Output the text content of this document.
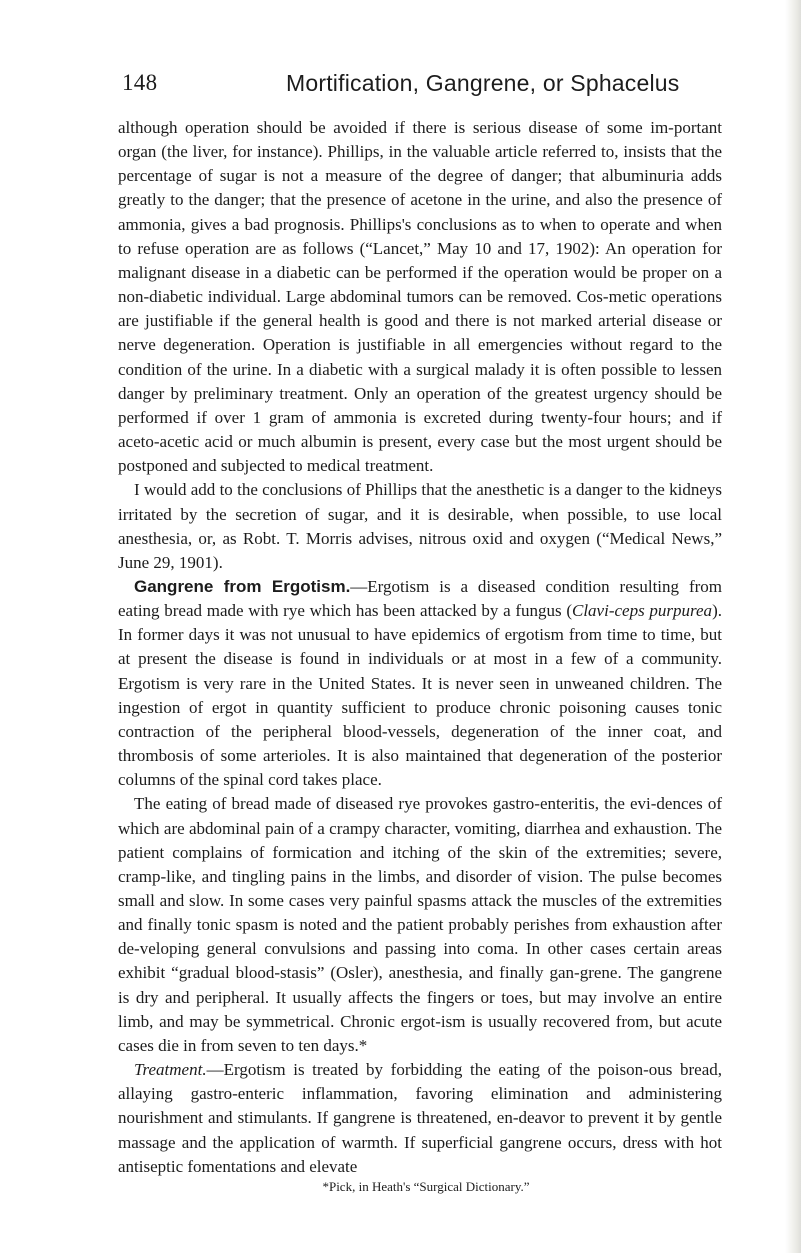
148	Mortification, Gangrene, or Sphacelus

although operation should be avoided if there is serious disease of some im-portant organ (the liver, for instance). Phillips, in the valuable article referred to, insists that the percentage of sugar is not a measure of the degree of danger; that albuminuria adds greatly to the danger; that the presence of acetone in the urine, and also the presence of ammonia, gives a bad prognosis. Phillips's conclusions as to when to operate and when to refuse operation are as follows (“Lancet,” May 10 and 17, 1902): An operation for malignant disease in a diabetic can be performed if the operation would be proper on a non-diabetic individual. Large abdominal tumors can be removed. Cos-metic operations are justifiable if the general health is good and there is not marked arterial disease or nerve degeneration. Operation is justifiable in all emergencies without regard to the condition of the urine. In a diabetic with a surgical malady it is often possible to lessen danger by preliminary treatment. Only an operation of the greatest urgency should be performed if over 1 gram of ammonia is excreted during twenty-four hours; and if aceto-acetic acid or much albumin is present, every case but the most urgent should be postponed and subjected to medical treatment.

I would add to the conclusions of Phillips that the anesthetic is a danger to the kidneys irritated by the secretion of sugar, and it is desirable, when possible, to use local anesthesia, or, as Robt. T. Morris advises, nitrous oxid and oxygen (“Medical News,” June 29, 1901).

Gangrene from Ergotism.—Ergotism is a diseased condition resulting from eating bread made with rye which has been attacked by a fungus (Clavi-ceps purpurea). In former days it was not unusual to have epidemics of ergotism from time to time, but at present the disease is found in individuals or at most in a few of a community. Ergotism is very rare in the United States. It is never seen in unweaned children. The ingestion of ergot in quantity sufficient to produce chronic poisoning causes tonic contraction of the peripheral blood-vessels, degeneration of the inner coat, and thrombosis of some arterioles. It is also maintained that degeneration of the posterior columns of the spinal cord takes place.

The eating of bread made of diseased rye provokes gastro-enteritis, the evi-dences of which are abdominal pain of a crampy character, vomiting, diarrhea and exhaustion. The patient complains of formication and itching of the skin of the extremities; severe, cramp-like, and tingling pains in the limbs, and disorder of vision. The pulse becomes small and slow. In some cases very painful spasms attack the muscles of the extremities and finally tonic spasm is noted and the patient probably perishes from exhaustion after de-veloping general convulsions and passing into coma. In other cases certain areas exhibit “gradual blood-stasis” (Osler), anesthesia, and finally gan-grene. The gangrene is dry and peripheral. It usually affects the fingers or toes, but may involve an entire limb, and may be symmetrical. Chronic ergot-ism is usually recovered from, but acute cases die in from seven to ten days.*

Treatment.—Ergotism is treated by forbidding the eating of the poison-ous bread, allaying gastro-enteric inflammation, favoring elimination and administering nourishment and stimulants. If gangrene is threatened, en-deavor to prevent it by gentle massage and the application of warmth. If superficial gangrene occurs, dress with hot antiseptic fomentations and elevate

*Pick, in Heath's “Surgical Dictionary.”
